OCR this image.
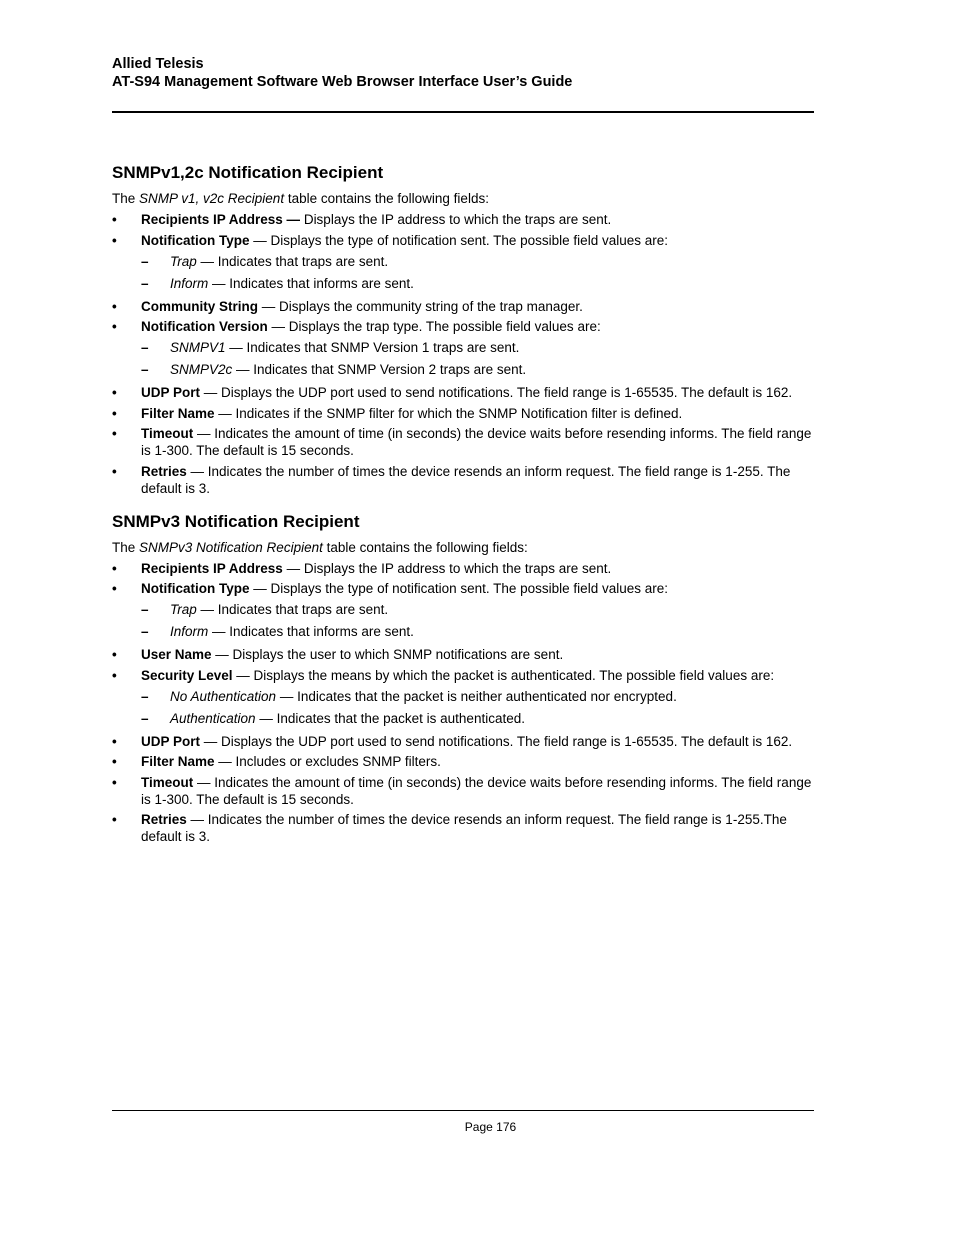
Allied Telesis

AT-S94 Management Software Web Browser Interface User’s Guide

SNMPv1,2c Notification Recipient

The SNMP v1, v2c Recipient table contains the following fields:

•	Recipients IP Address — Displays the IP address to which the traps are sent.
•	Notification Type — Displays the type of notification sent. The possible field values are:
– Trap — Indicates that traps are sent.
– Inform — Indicates that informs are sent.
•	Community String — Displays the community string of the trap manager.
•	Notification Version — Displays the trap type. The possible field values are:
– SNMPV1 — Indicates that SNMP Version 1 traps are sent.
– SNMPV2c — Indicates that SNMP Version 2 traps are sent.
•	UDP Port — Displays the UDP port used to send notifications. The field range is 1-65535. The default is 162.
•	Filter Name — Indicates if the SNMP filter for which the SNMP Notification filter is defined.
•	Timeout — Indicates the amount of time (in seconds) the device waits before resending informs. The field range is 1-300. The default is 15 seconds.
•	Retries — Indicates the number of times the device resends an inform request. The field range is 1-255. The default is 3.
SNMPv3 Notification Recipient

The SNMPv3 Notification Recipient table contains the following fields:

•	Recipients IP Address — Displays the IP address to which the traps are sent.
•	Notification Type — Displays the type of notification sent. The possible field values are:
– Trap — Indicates that traps are sent.
– Inform — Indicates that informs are sent.
•	User Name — Displays the user to which SNMP notifications are sent.
•	Security Level — Displays the means by which the packet is authenticated. The possible field values are:
– No Authentication — Indicates that the packet is neither authenticated nor encrypted.
– Authentication — Indicates that the packet is authenticated.
•	UDP Port — Displays the UDP port used to send notifications. The field range is 1-65535. The default is 162.
•	Filter Name — Includes or excludes SNMP filters.
•	Timeout — Indicates the amount of time (in seconds) the device waits before resending informs. The field range is 1-300. The default is 15 seconds.
•	Retries — Indicates the number of times the device resends an inform request. The field range is 1-255.The default is 3.
Page 176
